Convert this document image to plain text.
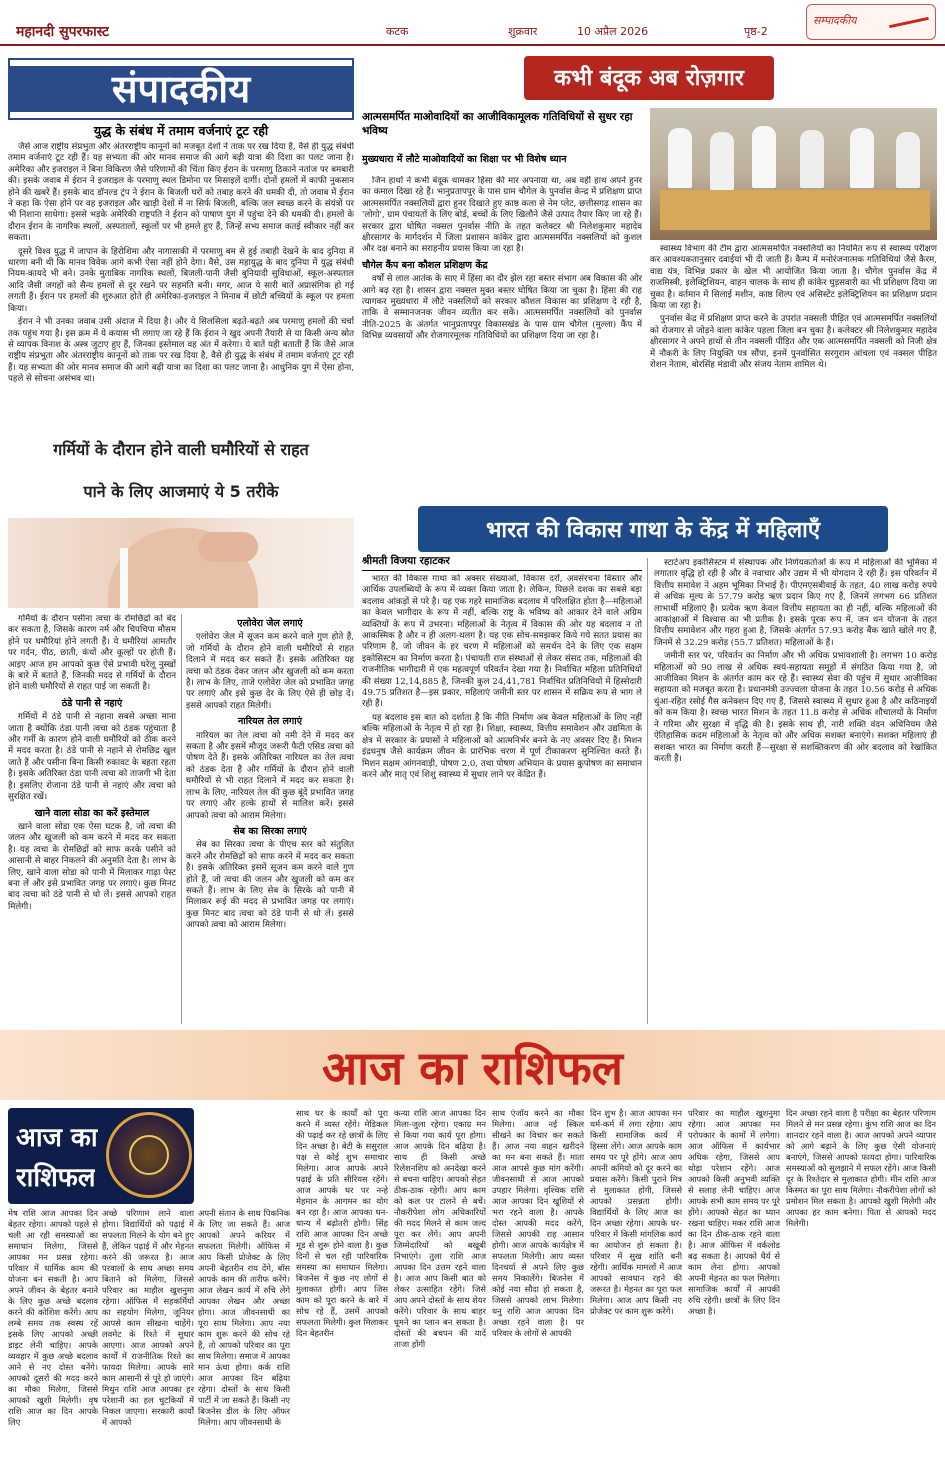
महानदी सुपरफास्ट	कटक	शुक्रवार	10 अप्रैल 2026	पृष्ठ-2
सम्पादकीय
संपादकीय
युद्ध के संबंध में तमाम वर्जनाएं टूट रही

जैसे आज राष्ट्रीय संप्रभुता और अंतरराष्ट्रीय कानूनों को मजबूत देशों ने ताक पर रख दिया है, वैसे ही युद्ध संबंधी तमाम वर्जनाएं टूट रही हैं। यह सभ्यता की ओर मानव समाज की आगे बढ़ी यात्रा की दिशा का पलट जाना है। अमेरिका और इजराइल ने बिना विकिरण जैसे परिणामों की चिंता किए ईरान के परमाणु ठिकाने नतांज पर बमबारी की। इसके जवाब में ईरान ने इजराइल के परमाणु स्थल डिमोना पर मिसाइलें दागीं। दोनों हमलों में काफी नुकसान होने की खबरें हैं। इसके बाद डॉनल्ड ट्रंप ने ईरान के बिजली घरों को तबाह करने की धमकी दी, तो जवाब में ईरान ने कहा कि ऐसा होने पर वह इजराइल और खाड़ी देशों में ना सिर्फ बिजली, बल्कि जल स्वच्छ करने के संयंत्रों पर भी निशाना साधेगा। इससे भड़के अमेरिकी राष्ट्रपति ने ईरान को पाषाण युग में पहुंचा देने की धमकी दी। हमलों के दौरान ईरान के नागरिक स्थलों, अस्पतालों, स्कूलों पर भी हमले हुए हैं, जिन्हें सभ्य समाज कतई स्वीकार नहीं कर सकता।

दूसरे विश्व युद्ध में जापान के हिरोशिमा और नागासाकी में परमाणु बम से हुई तबाही देखने के बाद दुनिया में धारणा बनी थी कि मानव विवेक आगे कभी ऐसा नहीं होने देगा। वैसे, उस महायुद्ध के बाद दुनिया में युद्ध संबंधी नियम-कायदे भी बने। उनके मुताबिक नागरिक स्थलों, बिजली-पानी जैसी बुनियादी सुविधाओं, स्कूल-अस्पताल आदि जैसी जगहों को सैन्य हमलों से दूर रखने पर सहमति बनी। मगर, आज ये सारी बातें अप्रासंगिक हो गई लगती हैं। ईरान पर हमलों की शुरुआत होते ही अमेरिका-इजराइल ने मिनाब में छोटी बच्चियों के स्कूल पर हमला किया।

ईरान ने भी उनका जवाब उसी अंदाज में दिया है। और ये सिलसिला बढ़ते-बढ़ते अब परमाणु हमलों की चर्चा तक पहुंच गया है। इस क्रम में ये कयास भी लगाए जा रहे हैं कि ईरान ने खुद अपनी तैयारी से या किसी अन्य स्रोत से व्यापक विनाश के अस्त्र जुटाए हुए हैं, जिनका इस्तेमाल वह अंत में करेगा। ये बातें यही बताती हैं कि जैसे आज राष्ट्रीय संप्रभुता और अंतरराष्ट्रीय कानूनों को ताक पर रख दिया है, वैसे ही युद्ध के संबंध में तमाम वर्जनाएं टूट रही हैं। यह सभ्यता की ओर मानव समाज की आगे बढ़ी यात्रा का दिशा का पलट जाना है। आधुनिक युग में ऐसा होना, पहले से सोचना असंभव था।

गर्मियों के दौरान होने वाली घमौरियों से राहत
पाने के लिए आजमाएं ये 5 तरीके

गर्मियों के दौरान पसीना त्वचा के रोमछिद्रों को बंद कर सकता है, जिसके कारण नर्म और चिपचिपा मौसम होने पर घमौरियां होने लगती हैं। ये घमौरियां आमतौर पर गर्दन, पीठ, छाती, कंधों और कूल्हों पर होती हैं। आइए आज हम आपको कुछ ऐसे प्रभावी घरेलू नुस्खों के बारे में बताते हैं, जिनकी मदद से गर्मियों के दौरान होने वाली घमौरियों से राहत पाई जा सकती है।

ठंडे पानी से नहाएं

गर्मियों में ठंडे पानी से नहाना सबसे अच्छा माना जाता है क्योंकि ठंडा पानी त्वचा को ठंडक पहुंचाता है और गर्मी के कारण होने वाली घमौरियों को ठीक करने में मदद करता है। ठंडे पानी से नहाने से रोमछिद्र खुल जाते हैं और पसीना बिना किसी रुकावट के बहता रहता है। इसके अतिरिक्त ठंडा पानी त्वचा को ताजगी भी देता है। इसलिए रोजाना ठंडे पानी से नहाएं और त्वचा को सुरक्षित रखें।

खाने वाला सोडा का करें इस्तेमाल

खाने वाला सोडा एक ऐसा घटक है, जो त्वचा की जलन और खुजली को कम करने में मदद कर सकता है। यह त्वचा के रोमछिद्रों को साफ करके पसीने को आसानी से बाहर निकलने की अनुमति देता है। लाभ के लिए, खाने वाला सोडा को पानी में मिलाकर गाढ़ा पेस्ट बना लें और इसे प्रभावित जगह पर लगाएं। कुछ मिनट बाद त्वचा को ठंडे पानी से धो लें। इससे आपको राहत मिलेगी।

एलोवेरा जेल लगाएं

एलोवेरा जेल में सूजन कम करने वाले गुण होते हैं, जो गर्मियों के दौरान होने वाली घमौरियों से राहत दिलाने में मदद कर सकते हैं। इसके अतिरिक्त यह त्वचा को ठंडक देकर जलन और खुजली को कम करता है। लाभ के लिए, ताजे एलोवेरा जेल को प्रभावित जगह पर लगाएं और इसे कुछ देर के लिए ऐसे ही छोड़ दें। इससे आपको राहत मिलेगी।

नारियल तेल लगाएं

नारियल का तेल त्वचा को नमी देने में मदद कर सकता है और इसमें मौजूद जरूरी फैटी एसिड त्वचा को पोषण देते हैं। इसके अतिरिक्त नारियल का तेल त्वचा को ठंडक देता है और गर्मियों के दौरान होने वाली घमौरियों से भी राहत दिलाने में मदद कर सकता है। लाभ के लिए, नारियल तेल की कुछ बूंदें प्रभावित जगह पर लगाएं और हल्के हाथों से मालिश करें। इससे आपको त्वचा को आराम मिलेगा।

सेब का सिरका लगाएं

सेब का सिरका त्वचा के पीएच स्तर को संतुलित करने और रोमछिद्रों को साफ करने में मदद कर सकता है। इसके अतिरिक्त इसमें सूजन कम करने वाले गुण होते हैं, जो त्वचा की जलन और खुजली को कम कर सकते हैं। लाभ के लिए सेब के सिरके को पानी में मिलाकर रूई की मदद से प्रभावित जगह पर लगाएं। कुछ मिनट बाद त्वचा को ठंडे पानी से धो लें। इससे आपको त्वचा को आराम मिलेगा।

कभी बंदूक अब रोज़गार
आत्मसमर्पित माओवादियों का आजीविकामूलक गतिविधियों से सुधर रहा भविष्य
मुख्यधारा में लौटे माओवादियों का शिक्षा पर भी विशेष ध्यान

जिन हाथों ने कभी बंदूक थामकर हिंसा की मार अपनाया था, अब वहीं हाथ अपने हुनर का कमाल दिखा रहे हैं। भानुप्रतापपुर के पास ग्राम चौगेल के पुनर्वास केन्द्र में प्रशिक्षण प्राप्त आत्मसमर्पित नक्सलियों द्वारा हुनर दिखाते हुए काष्ठ कला से नेम प्लेट, छत्तीसगढ़ शासन का 'लोगो', ग्राम पंचायतों के लिए बोर्ड, बच्चों के लिए खिलौने जैसे उत्पाद तैयार किए जा रहे हैं। सरकार द्वारा घोषित नक्सल पुनर्वास नीति के तहत कलेक्टर श्री निलेशकुमार महादेव क्षीरसागर के मार्गदर्शन में जिला प्रशासन कांकेर द्वारा आत्मसमर्पित नक्सलियों को कुशल और दक्ष बनाने का सराहनीय प्रयास किया जा रहा है।

चौगेल कैंप बना कौशल प्रशिक्षण केंद्र

वर्षों से लाल आतंक के साए में हिंसा का दौर झेल रहा बस्तर संभाग अब विकास की ओर आगे बढ़ रहा है। शासन द्वारा नक्सल मुक्त बस्तर घोषित किया जा चुका है। हिंसा की राह त्यागकर मुख्यधारा में लौटे नक्सलियों को सरकार कौशल विकास का प्रशिक्षण दे रही है, ताकि वे सम्मानजनक जीवन व्यतीत कर सकें। आत्मसमर्पित नक्सलियों को पुनर्वास नीति-2025 के अंतर्गत भानुप्रतापपुर विकासखंड के पास ग्राम चौगेल (मुल्ला) कैंप में विभिन्न व्यवसायों और रोजगारमूलक गतिविधियों का प्रशिक्षण दिया जा रहा है।

स्वास्थ्य विभाग की टीम द्वारा आत्मसमर्पित नक्सलियों का नियमित रूप से स्वास्थ्य परीक्षण कर आवश्यकतानुसार दवाईयां भी दी जाती हैं। कैम्प में मनोरंजनात्मक गतिविधियां जैसे कैरम, वाद्य यंत्र, विभिन्न प्रकार के खेल भी आयोजित किया जाता है। चौगेल पुनर्वास केंद्र में राजमिस्त्री, इलेक्ट्रिशियन, वाहन चालक के साथ ही कांकेर घुड़सवारी का भी प्रशिक्षण दिया जा चुका है। वर्तमान में सिलाई मशीन, काष्ठ शिल्प एवं असिस्टेंट इलेक्ट्रिशियन का प्रशिक्षण प्रदान किया जा रहा है।

पुनर्वास केंद्र में प्रशिक्षण प्राप्त करने के उपरांत नक्सली पीड़ित एवं आत्मसमर्पित नक्सलियों को रोजगार से जोड़ने वाला कांकेर पहला जिला बन चुका है। कलेक्टर श्री निलेशकुमार महादेव क्षीरसागर ने अपने हाथों से तीन नक्सली पीड़ित और एक आत्मसमर्पित नक्सली को निजी क्षेत्र में नौकरी के लिए नियुक्ति पत्र सौंपा, इनमें पुनर्वासित सरगुराम आंचला एवं नक्सल पीड़ित रोशन नेताम, बोरसिंह मंडावी और संजय नेताम शामिल थे।

भारत की विकास गाथा के केंद्र में महिलाएँ
श्रीमती विजया रहाटकर

भारत की विकास गाथा को अक्सर संख्याओं, विकास दरों, अवसंरचना विस्तार और आर्थिक उपलब्धियों के रूप में व्यक्त किया जाता है। लेकिन, पिछले दशक का सबसे बड़ा बदलाव आंकड़ों से परे है। यह एक गहरे सामाजिक बदलाव में परिलक्षित होता है—महिलाओं का केवल भागीदार के रूप में नहीं, बल्कि राष्ट्र के भविष्य को आकार देने वाले अग्रिम व्यक्तियों के रूप में उभरना। महिलाओं के नेतृत्व में विकास की ओर यह बदलाव न तो आकस्मिक है और न ही अलग-थलग है। यह एक सोच-समझकर किये गये सतत प्रयास का परिणाम है, जो जीवन के हर चरण में महिलाओं को समर्थन देने के लिए एक सक्षम इकोसिस्टम का निर्माण करता है। पंचायती राज संस्थाओं से लेकर संसद तक, महिलाओं की राजनीतिक भागीदारी में एक महत्वपूर्ण परिवर्तन देखा गया है। निर्वाचित महिला प्रतिनिधियों की संख्या 12,14,885 है, जिनकी कुल 24,41,781 निर्वाचित प्रतिनिधियों में हिस्सेदारी 49.75 प्रतिशत है—इस प्रकार, महिलाएं जमीनी स्तर पर शासन में सक्रिय रूप से भाग ले रही हैं।

यह बदलाव इस बात को दर्शाता है कि नीति निर्माण अब केवल महिलाओं के लिए नहीं बल्कि महिलाओं के नेतृत्व में हो रहा है। शिक्षा, स्वास्थ्य, वित्तीय समावेशन और उद्यमिता के क्षेत्र में सरकार के प्रयासों ने महिलाओं को आत्मनिर्भर बनने के नए अवसर दिए हैं। मिशन इंद्रधनुष जैसे कार्यक्रम जीवन के प्रारंभिक चरण में पूर्ण टीकाकरण सुनिश्चित करते हैं। मिशन सक्षम आंगनवाड़ी, पोषण 2.0, तथा पोषण अभियान के प्रयास कुपोषण का समाधान करने और मातृ एवं शिशु स्वास्थ्य में सुधार लाने पर केंद्रित हैं।

स्टार्टअप इकोसिस्टम में संस्थापक और निर्णयकर्ताओं के रूप में महिलाओं की भूमिका में लगातार वृद्धि हो रही है और वे नवाचार और उद्यम में भी योगदान दे रही हैं। इस परिवर्तन में वित्तीय समावेश ने अहम भूमिका निभाई है। पीएमएसबीवाई के तहत, 40 लाख करोड़ रुपये से अधिक मूल्य के 57.79 करोड़ ऋण प्रदान किए गए हैं, जिनमें लगभग 66 प्रतिशत लाभार्थी महिलाएं हैं। प्रत्येक ऋण केवल वित्तीय सहायता का ही नहीं, बल्कि महिलाओं की आकांक्षाओं में विश्वास का भी प्रतीक है। इसके पूरक रूप में, जन धन योजना के तहत वित्तीय समावेशन और गहरा हुआ है, जिसके अंतर्गत 57.93 करोड़ बैंक खाते खोले गए हैं, जिनमें से 32.29 करोड़ (55.7 प्रतिशत) महिलाओं के हैं।

जमीनी स्तर पर, परिवर्तन का निर्माण और भी अधिक प्रभावशाली है। लगभग 10 करोड़ महिलाओं को 90 लाख से अधिक स्वयं-सहायता समूहों में संगठित किया गया है, जो आजीविका मिशन के अंतर्गत काम कर रहे हैं। स्वास्थ्य सेवा की पहुंच में सुधार आजीविका सहायता को मजबूत करता है। प्रधानमंत्री उज्ज्वला योजना के तहत 10.56 करोड़ से अधिक धुंआ-रहित रसोई गैस कनेक्शन दिए गए हैं, जिससे स्वास्थ्य में सुधार हुआ है और कठिनाइयों को कम किया है। स्वच्छ भारत मिशन के तहत 11.8 करोड़ से अधिक शौचालयों के निर्माण ने गरिमा और सुरक्षा में वृद्धि की है। इसके साथ ही, नारी शक्ति वंदन अधिनियम जैसे ऐतिहासिक कदम महिलाओं के नेतृत्व को और अधिक सशक्त बनाएंगे। सशक्त महिलाएं ही सशक्त भारत का निर्माण करती हैं—सुरक्षा से सशक्तिकरण की ओर बदलाव को रेखांकित करती हैं।

आज का राशिफल
आज का
राशिफल
मेष राशि आज आपका दिन बेहतर रहेगा। आपको पहले से चली आ रही समस्याओं का समाधान मिलेगा, जिससे आपका मन प्रसन्न रहेगा। परिवार में धार्मिक काम की योजना बन सकती है। आप अपने जीवन के बेहतर बनाने के लिए कुछ अच्छे बदलाव करने की कोशिश करेंगे। आप लम्बे समय तक स्वस्थ रहें इसके लिए आपको अच्छी डाइट लेनी चाहिए। आपके व्यवहार में कुछ अच्छे बदलाव आने से नए दोस्त बनेंगे। आपको दूसरों की मदद करने का मौका मिलेगा, जिससे आपको खुशी मिलेगी। वृष राशि आज का दिन आपके लिए
अच्छे परिणाम लाने वाला होगा। विद्यार्थियों को पढ़ाई में सफलता मिलने के योग बने हुए हैं, लेकिन पढ़ाई में और मेहनत करने की जरूरत है। आज परवालों के साथ अच्छा समय बिताने को मिलेगा, जिससे परिवार का माहौल खुशनुमा रहेगा। ऑफिस में सहकर्मियों का सहयोग मिलेगा, जूनियर आपसे काम सीखना चाहेंगे। लवमेट के रिश्ते में सुधार आएगा। आज आपको अपने कार्यों में राजनीतिक रिश्ते का फायदा मिलेगा। आपके सारे काम आसानी से पूरे हो जाएंगे। मिथुन राशि आज आपका हर परेशानी का हल चुटकियों में निकल जाएगा। सरकारी कार्यों में आपको
अपनी संतान के साथ पिकनिक के लिए जा सकते हैं। आज आपको अपने करियर में सफलता मिलेगी। ऑफिस में आप किसी प्रोजेक्ट के लिए अपनी बेहतरीन राय देंगे, बॉस आपके काम की तारीफ करेंगे। आज लेखन कार्य में रुचि लेंगे आपका लेखन और अच्छा होगा। आज जीवनसाथी का पूरा साथ मिलेगा। आप नया काम शुरू करने की सोच रहे हैं, तो आपको परिवार का पूरा साथ मिलेगा। समाज में आपका मान ऊंचा होगा। कर्क राशि आज आपका दिन बढ़िया रहेगा। दोस्तों के साथ किसी पार्टी में जा सकते हैं। किसी नए बिजनेस डील के लिए ऑफर मिलेगा। आप जीवनसाथी के
साथ घर के कार्यों को पूरा करने में व्यस्त रहेंगे। मेडिकल की पढ़ाई कर रहे छात्रों के लिए दिन अच्छा है। बेटी के ससुराल पक्ष से कोई शुभ समाचार मिलेगा। आज आपके अपने पढ़ाई के प्रति सीरियस रहेंगे। आज आपके घर पर नन्हे मेहमान के आगमन का योग बन रहा है। आज आपका धन-धान्य में बढ़ोतरी होगी। सिंह राशि आज आपका दिन अच्छे मूड से शुरू होने वाला है। कुछ दिनों से चल रही पारिवारिक समस्या का समाधान मिलेगा। बिजनेस में कुछ नए लोगों से मुलाकात होगी। आप जिस काम को पूरा करने के बारे में सोच रहे हैं, उसमें आपको सफलता मिलेगी। कुल मिलाकर दिन बेहतरीन
कन्या राशि आज आपका दिन मिला-जुला रहेगा। एकाग्र मन से किया गया कार्य पूरा होगा। आज आपके दिन बढ़िया है। साथ ही किसी अच्छे रिलेशनशिप को अनदेखा करने से बचना चाहिए। आपको सेहत ठीक-ठाक रहेगी। आप काम को कल पर टालने से बचें। नौकरीपेशा लोग अधिकारियों की मदद मिलने से काम जल्द पूरा कर लेंगे। आप अपनी जिम्मेदारियों को बखूबी निभाएंगे। तुला राशि आज आपका दिन उत्तम रहने वाला है। आज आप किसी बात को लेकर उत्साहित रहेंगे। जिसे आप अपने दोस्तों के साथ शेयर करेंगे। परिवार के साथ बाहर घूमने का प्लान बन सकता है। दोस्तों की बचपन की यादें ताजा होंगी
साथ एंजॉय करने का मौका मिलेगा। आज नई स्किल सीखने का विचार कर सकते हैं। आज नया वाहन खरीदने का मन बना सकते हैं। माता आज आपसे कुछ मांग करेंगी। जीवनसाथी से आज आपको उपहार मिलेगा। वृश्चिक राशि आज आपका दिन खुशियों से भरा रहने वाला है। आपके दोस्त आपकी मदद करेंगे, जिससे आपकी राह आसान होगी। आज आपके कार्यक्षेत्र में सफलता मिलेगी। आप व्यस्त दिनचर्या से अपने लिए कुछ समय निकालेंगे। बिजनेस में कोई नया सौदा हो सकता है, जिससे आपको लाभ मिलेगा। धनु राशि आज आपका दिन अच्छा रहने वाला है। घर परिवार के लोगों से आपकी
दिन शुभ है। आज आपका मन धर्म-कर्म में लगा रहेगा। आप किसी सामाजिक कार्य में हिस्सा लेंगे। आज आपके काम समय पर पूरे होंगे। आज आप अपनी कमियों को दूर करने का प्रयास करेंगे। किसी पुराने मित्र से मुलाकात होगी, जिससे आपको प्रसन्नता होगी। विद्यार्थियों के लिए आज का दिन अच्छा रहेगा। आपके घर-परिवार में किसी मांगलिक कार्य का आयोजन हो सकता है। परिवार में सुख शांति बनी रहेगी। आर्थिक मामलों में आज आपको सावधान रहने की जरूरत है। मेहनत का पूरा फल मिलेगा। आज आप किसी नए प्रोजेक्ट पर काम शुरू करेंगे।
परिवार का माहौल खुशनुमा रहेगा। आज आपका मन परोपकार के कामों में लगेगा। आज ऑफिस में कार्यभार अधिक रहेगा, जिससे आप थोड़ा परेशान रहेंगे। आज आपको किसी अनुभवी व्यक्ति से सलाह लेनी चाहिए। आज आपके सभी काम समय पर पूरे होंगे। आपको सेहत का ध्यान रखना चाहिए। मकर राशि आज का दिन ठीक-ठाक रहने वाला है। आज ऑफिस में वर्कलोड बढ़ सकता है। आपको धैर्य से काम लेना होगा। आपको अपनी मेहनत का फल मिलेगा। सामाजिक कार्यों में आपकी रुचि रहेगी। छात्रों के लिए दिन अच्छा है।
दिन अच्छा रहने वाला है परीक्षा का बेहतर परिणाम मिलने से मन प्रसन्न रहेगा। कुंभ राशि आज का दिन शानदार रहने वाला है। आज आपको अपने व्यापार को आगे बढ़ाने के लिए कुछ ऐसी योजनाएं बनाएंगे, जिससे आपको फायदा होगा। पारिवारिक समस्याओं को सुलझाने में सफल रहेंगे। आज किसी दूर के रिश्तेदार से मुलाकात होगी। मीन राशि आज किस्मत का पूरा साथ मिलेगा। नौकरीपेशा लोगों को प्रमोशन मिल सकता है। आपको खुशी मिलेगी और आपका हर काम बनेगा। पिता से आपको मदद मिलेगी।
